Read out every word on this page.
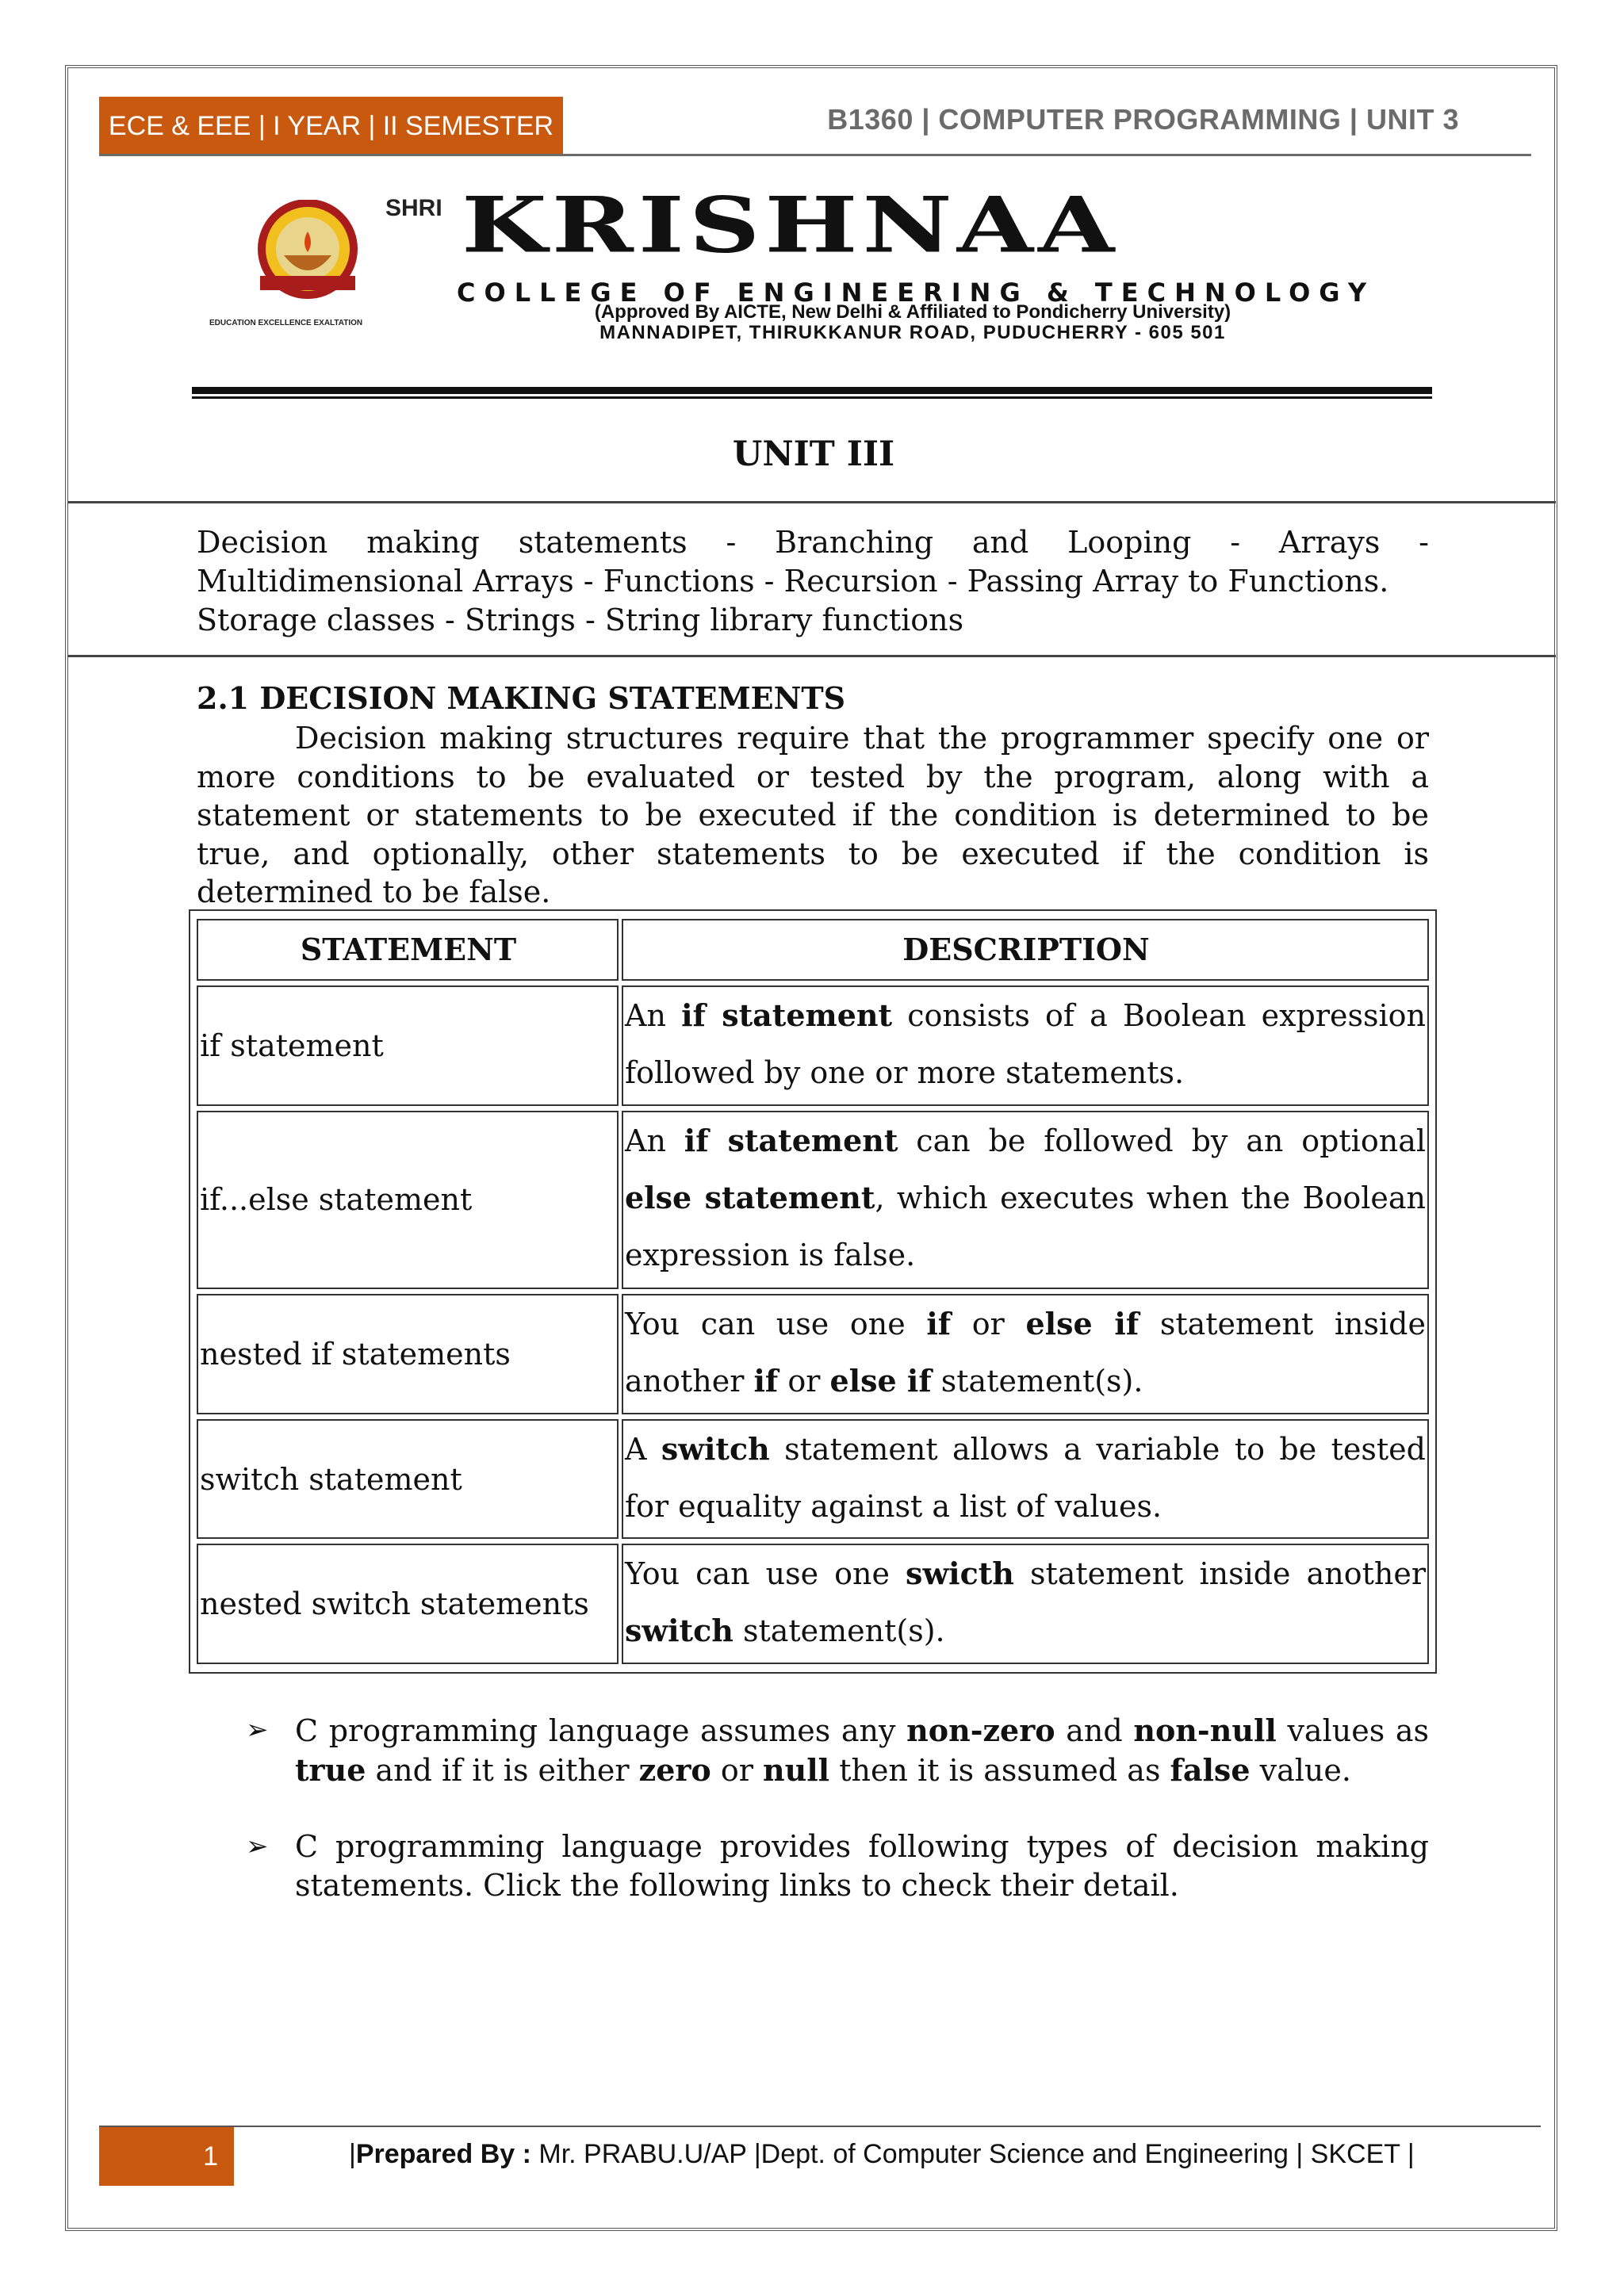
ECE & EEE | I YEAR | II SEMESTER	B1360 | COMPUTER PROGRAMMING | UNIT 3
EDUCATION EXCELLENCE EXALTATION
SHRI KRISHNAA
COLLEGE OF ENGINEERING & TECHNOLOGY
(Approved By AICTE, New Delhi & Affiliated to Pondicherry University)
MANNADIPET, THIRUKKANUR ROAD, PUDUCHERRY - 605 501
UNIT III

Decision making statements - Branching and Looping - Arrays - Multidimensional Arrays - Functions - Recursion - Passing Array to Functions.

Storage classes - Strings - String library functions

2.1 DECISION MAKING STATEMENTS

Decision making structures require that the programmer specify one or more conditions to be evaluated or tested by the program, along with a statement or statements to be executed if the condition is determined to be true, and optionally, other statements to be executed if the condition is determined to be false.

STATEMENT	DESCRIPTION
if statement	An if statement consists of a Boolean expression followed by one or more statements.
if...else statement	An if statement can be followed by an optional else statement, which executes when the Boolean expression is false.
nested if statements	You can use one if or else if statement inside another if or else if statement(s).
switch statement	A switch statement allows a variable to be tested for equality against a list of values.
nested switch statements	You can use one swicth statement inside another switch statement(s).
➢ C programming language assumes any non-zero and non-null values as true and if it is either zero or null then it is assumed as false value.
➢ C programming language provides following types of decision making statements. Click the following links to check their detail.
1	|Prepared By : Mr. PRABU.U/AP |Dept. of Computer Science and Engineering | SKCET |
